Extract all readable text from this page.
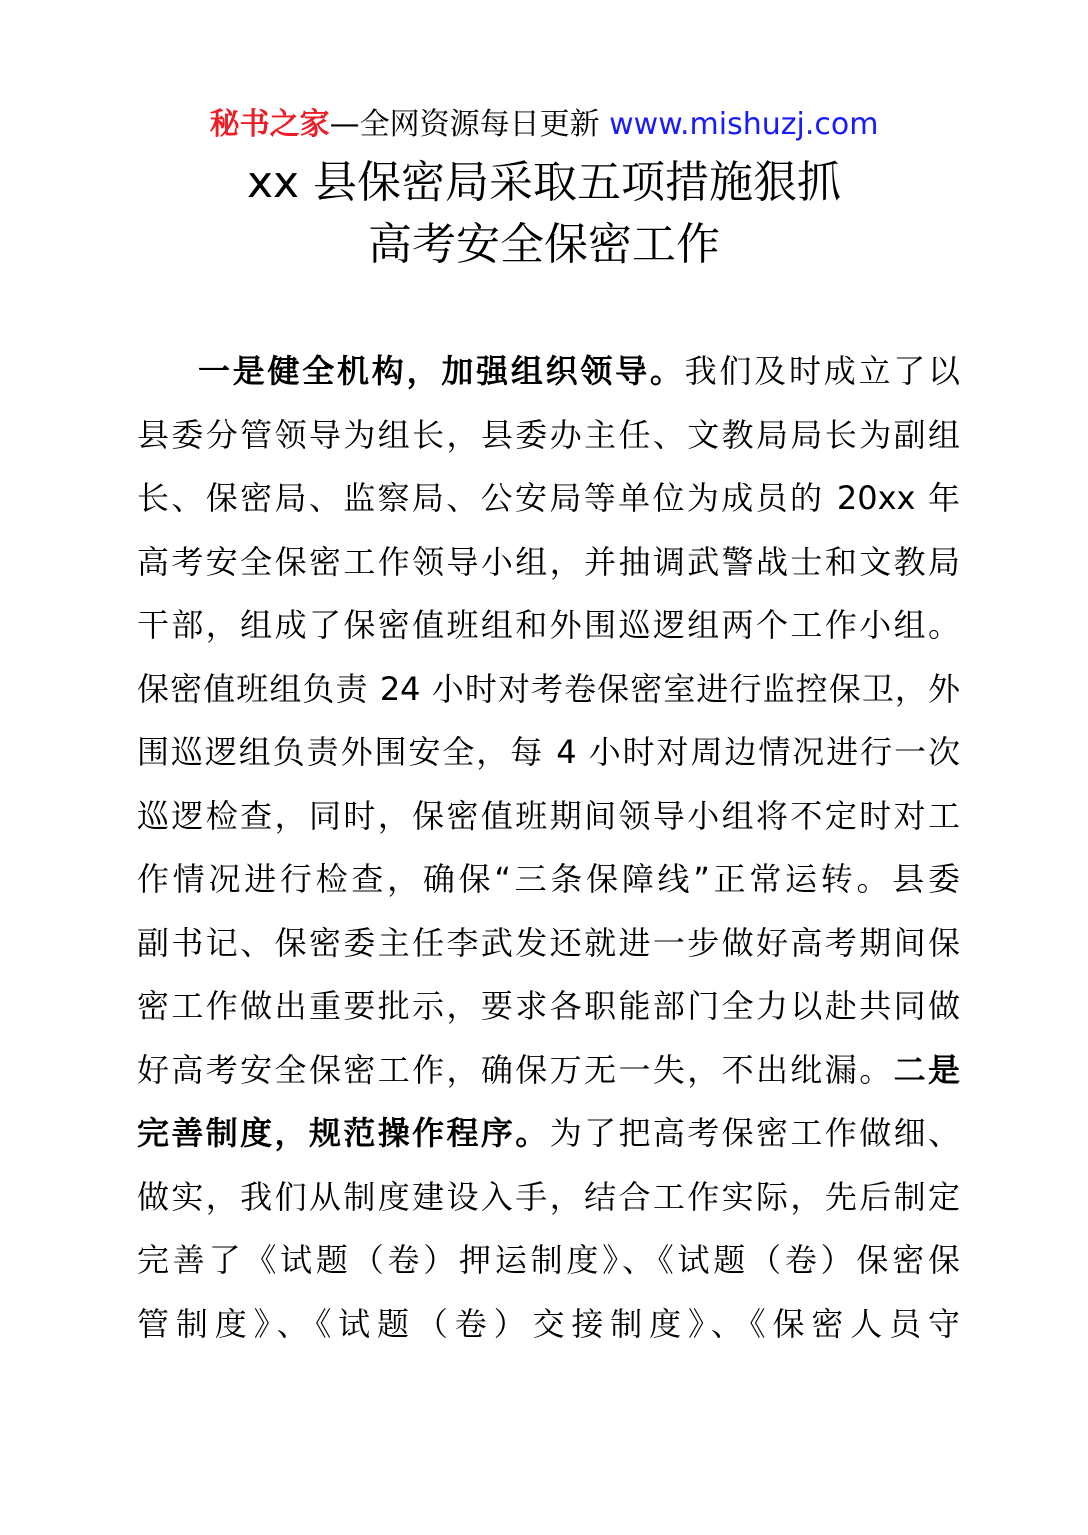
秘书之家—全网资源每日更新 www.mishuzj.com
xx 县保密局采取五项措施狠抓
高考安全保密工作
一是健全机构，加强组织领导。我们及时成立了以
县委分管领导为组长，县委办主任、文教局局长为副组
长、保密局、监察局、公安局等单位为成员的 20xx 年
高考安全保密工作领导小组，并抽调武警战士和文教局
干部，组成了保密值班组和外围巡逻组两个工作小组。
保密值班组负责 24 小时对考卷保密室进行监控保卫，外
围巡逻组负责外围安全，每 4 小时对周边情况进行一次
巡逻检查，同时，保密值班期间领导小组将不定时对工
作情况进行检查，确保“三条保障线”正常运转。县委
副书记、保密委主任李武发还就进一步做好高考期间保
密工作做出重要批示，要求各职能部门全力以赴共同做
好高考安全保密工作，确保万无一失，不出纰漏。二是
完善制度，规范操作程序。为了把高考保密工作做细、
做实，我们从制度建设入手，结合工作实际，先后制定
完善了《试题（卷）押运制度》、《试题（卷）保密保
管制度》、《试题（卷）交接制度》、《保密人员守
